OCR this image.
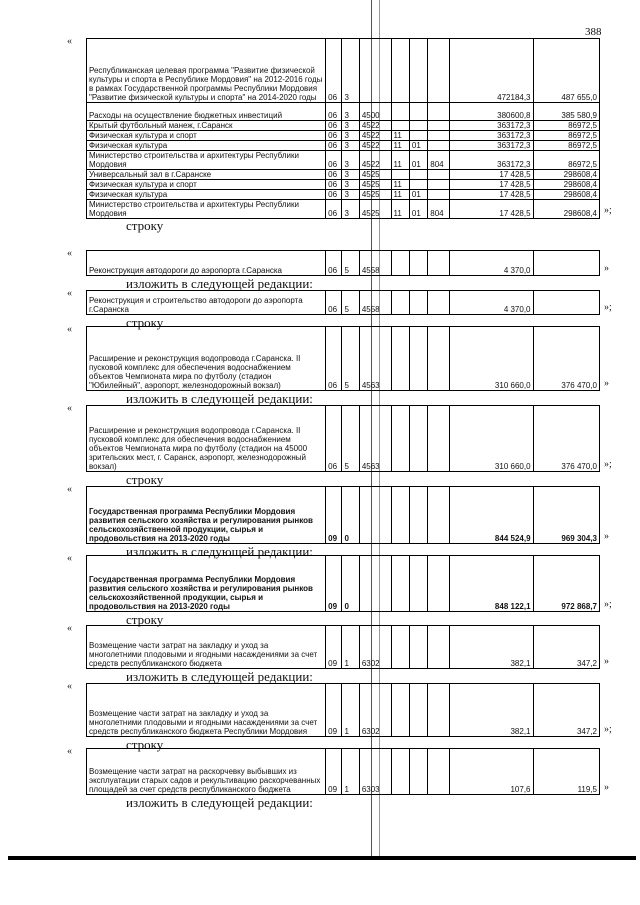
388
Республиканская целевая программа "Развитие физической культуры и спорта в Республике Мордовия" на 2012-2016 годы в рамках Государственной программы Республики Мордовия "Развитие физической культуры и спорта" на 2014-2020 годы	06	3					472184,3	487 655,0
Расходы на осуществление бюджетных инвестиций	06	3	4500				380600,8	385 580,9
Крытый футбольный манеж, г.Саранск	06	3	4522				363172,3	86972,5
Физическая культура и спорт	06	3	4522	11			363172,3	86972,5
Физическая культура	06	3	4522	11	01		363172,3	86972,5
Министерство строительства и архитектуры Республики Мордовия	06	3	4522	11	01	804	363172,3	86972,5
Универсальный зал в г.Саранске	06	3	4525				17 428,5	298608,4
Физическая культура и спорт	06	3	4525	11			17 428,5	298608,4
Физическая культура	06	3	4525	11	01		17 428,5	298608,4
Министерство строительства и архитектуры Республики Мордовия	06	3	4525	11	01	804	17 428,5	298608,4
«
»;
строку
Реконструкция автодороги до аэропорта г.Саранска	06	5	4558				4 370,0	
«
»
изложить в следующей редакции:
Реконструкция и строительство автодороги до аэропорта г.Саранска	06	5	4558				4 370,0	
«
»;
строку
Расширение и реконструкция водопровода г.Саранска. II пусковой комплекс для обеспечения водоснабжением объектов Чемпионата мира по футболу (стадион "Юбилейный", аэропорт, железнодорожный вокзал)	06	5	4563				310 660,0	376 470,0
«
»
изложить в следующей редакции:
Расширение и реконструкция водопровода г.Саранска. II пусковой комплекс для обеспечения водоснабжением объектов Чемпионата мира по футболу (стадион на 45000 зрительских мест, г. Саранск, аэропорт, железнодорожный вокзал)	06	5	4563				310 660,0	376 470,0
«
»;
строку
Государственная программа Республики Мордовия развития сельского хозяйства и регулирования рынков сельскохозяйственной продукции, сырья и продовольствия на 2013-2020 годы	09	0					844 524,9	969 304,3
«
»
изложить в следующей редакции:
Государственная программа Республики Мордовия развития сельского хозяйства и регулирования рынков сельскохозяйственной продукции, сырья и продовольствия на 2013-2020 годы	09	0					848 122,1	972 868,7
«
»;
строку
Возмещение части затрат на закладку и уход за многолетними плодовыми и ягодными насаждениями за счет средств республиканского бюджета	09	1	6302				382,1	347,2
«
»
изложить в следующей редакции:
Возмещение части затрат на закладку и уход за многолетними плодовыми и ягодными насаждениями за счет средств республиканского бюджета Республики Мордовия	09	1	6302				382,1	347,2
«
»;
строку
Возмещение части затрат на раскорчевку выбывших из эксплуатации старых садов и рекультивацию раскорчеванных площадей за счет средств республиканского бюджета	09	1	6303				107,6	119,5
«
»
изложить в следующей редакции:
